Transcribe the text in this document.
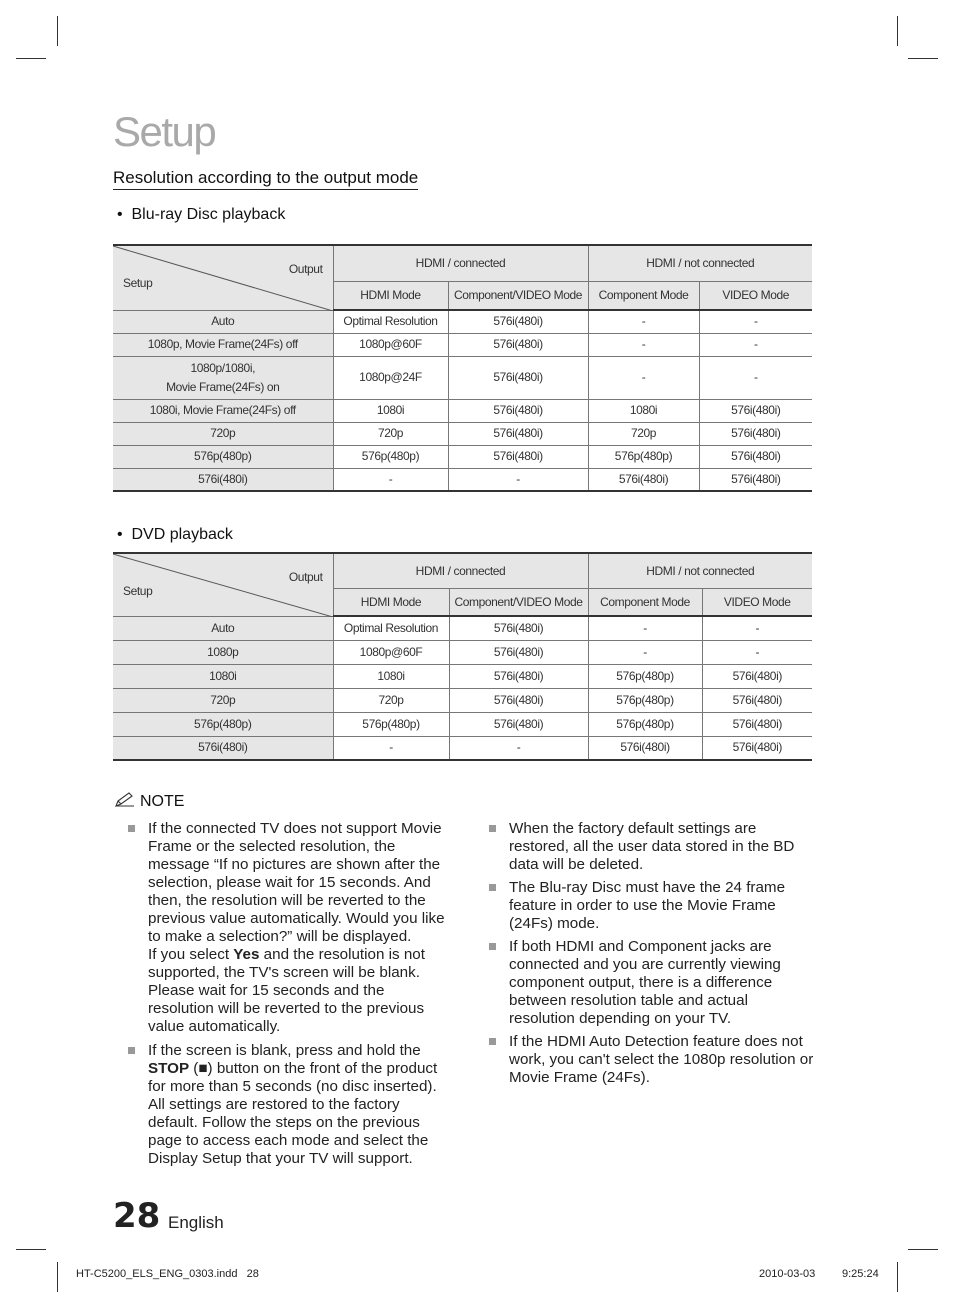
Setup
Resolution according to the output mode
•  Blu-ray Disc playback
Output
Setup	HDMI / connected		HDMI / not connected	
	HDMI Mode	Component/VIDEO Mode	Component Mode	VIDEO Mode
Auto	Optimal Resolution	576i(480i)	-	-
1080p, Movie Frame(24Fs) off	1080p@60F	576i(480i)	-	-
1080p/1080i,
Movie Frame(24Fs) on	1080p@24F	576i(480i)	-	-
1080i, Movie Frame(24Fs) off	1080i	576i(480i)	1080i	576i(480i)
720p	720p	576i(480i)	720p	576i(480i)
576p(480p)	576p(480p)	576i(480i)	576p(480p)	576i(480i)
576i(480i)	-	-	576i(480i)	576i(480i)
•  DVD playback
Output
Setup	HDMI / connected		HDMI / not connected	
	HDMI Mode	Component/VIDEO Mode	Component Mode	VIDEO Mode
Auto	Optimal Resolution	576i(480i)	-	-
1080p	1080p@60F	576i(480i)	-	-
1080i	1080i	576i(480i)	576p(480p)	576i(480i)
720p	720p	576i(480i)	576p(480p)	576i(480i)
576p(480p)	576p(480p)	576i(480i)	576p(480p)	576i(480i)
576i(480i)	-	-	576i(480i)	576i(480i)
NOTE
If the connected TV does not support Movie Frame or the selected resolution, the message “If no pictures are shown after the selection, please wait for 15 seconds. And then, the resolution will be reverted to the previous value automatically. Would you like to make a selection?” will be displayed.
If you select Yes and the resolution is not supported, the TV's screen will be blank. Please wait for 15 seconds and the resolution will be reverted to the previous value automatically.
If the screen is blank, press and hold the STOP (■) button on the front of the product for more than 5 seconds (no disc inserted). All settings are restored to the factory default. Follow the steps on the previous page to access each mode and select the Display Setup that your TV will support.
When the factory default settings are restored, all the user data stored in the BD data will be deleted.
The Blu-ray Disc must have the 24 frame feature in order to use the Movie Frame (24Fs) mode.
If both HDMI and Component jacks are connected and you are currently viewing component output, there is a difference between resolution table and actual resolution depending on your TV.
If the HDMI Auto Detection feature does not work, you can't select the 1080p resolution or Movie Frame (24Fs).
28 English
HT-C5200_ELS_ENG_0303.indd 28	2010-03-03 9:25:24
